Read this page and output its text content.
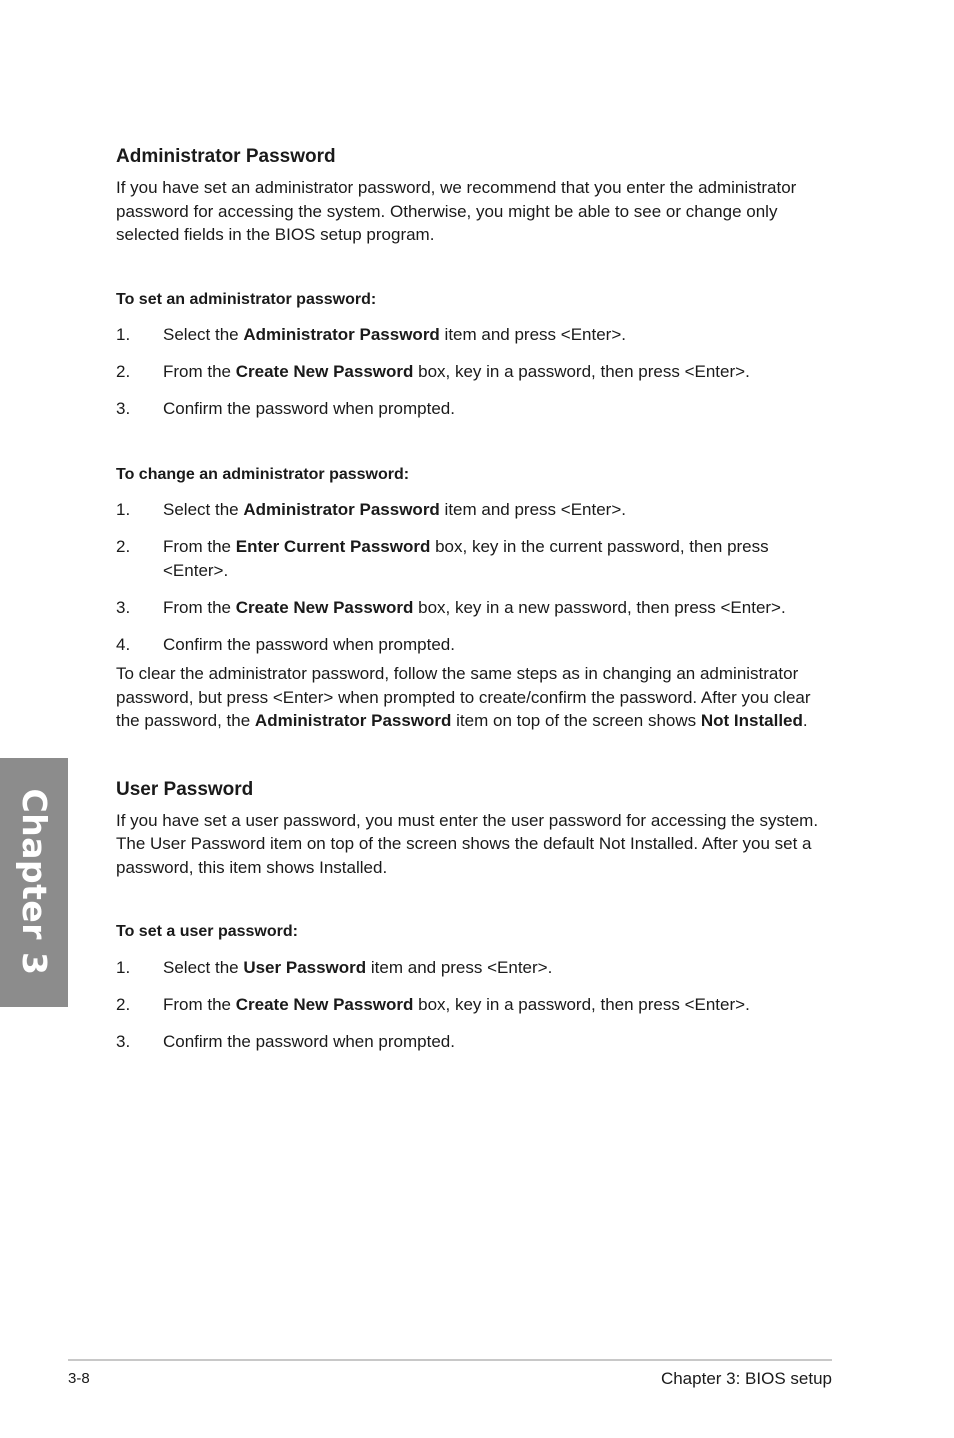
Administrator Password

If you have set an administrator password, we recommend that you enter the administrator password for accessing the system. Otherwise, you might be able to see or change only selected fields in the BIOS setup program.

To set an administrator password:

1. Select the Administrator Password item and press <Enter>.
2. From the Create New Password box, key in a password, then press <Enter>.
3. Confirm the password when prompted.

To change an administrator password:

1. Select the Administrator Password item and press <Enter>.
2. From the Enter Current Password box, key in the current password, then press <Enter>.
3. From the Create New Password box, key in a new password, then press <Enter>.
4. Confirm the password when prompted.

To clear the administrator password, follow the same steps as in changing an administrator password, but press <Enter> when prompted to create/confirm the password. After you clear the password, the Administrator Password item on top of the screen shows Not Installed.

User Password

If you have set a user password, you must enter the user password for accessing the system. The User Password item on top of the screen shows the default Not Installed. After you set a password, this item shows Installed.

To set a user password:

1. Select the User Password item and press <Enter>.
2. From the Create New Password box, key in a password, then press <Enter>.
3. Confirm the password when prompted.
Chapter 3
3-8	Chapter 3: BIOS setup
